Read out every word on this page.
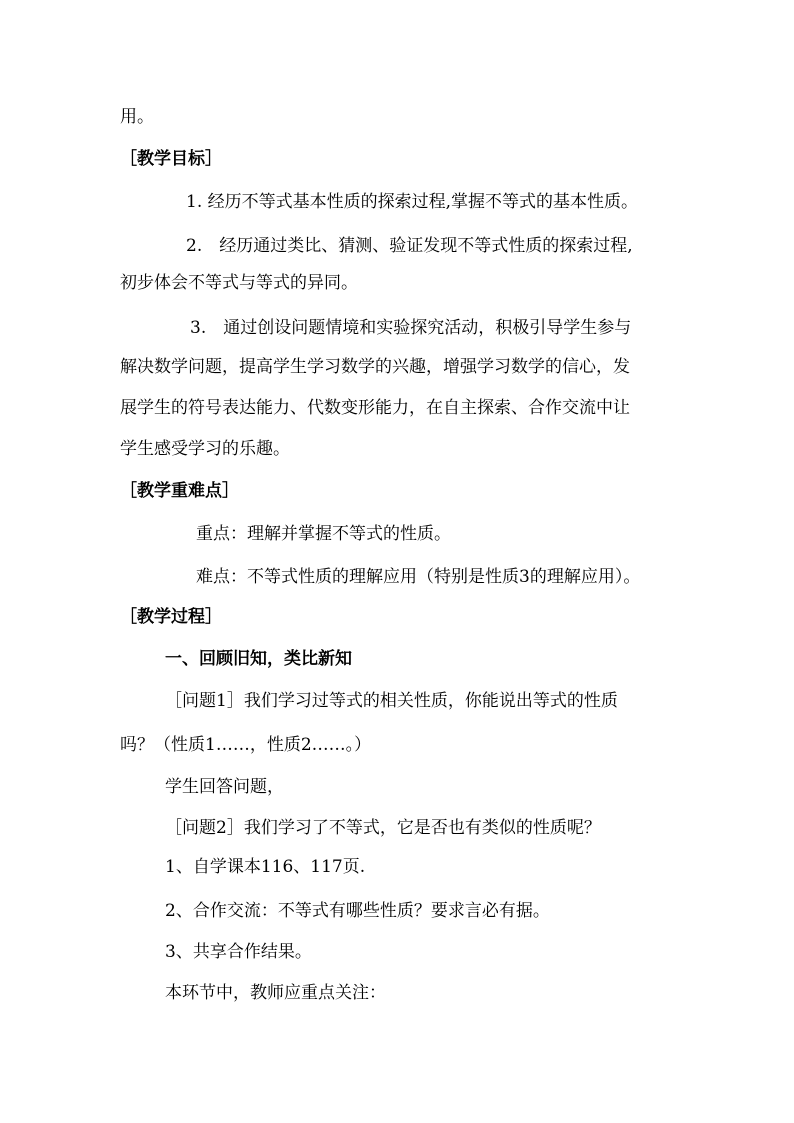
用。
［教学目标］
1. 经历不等式基本性质的探索过程,掌握不等式的基本性质。
2.　经历通过类比、猜测、验证发现不等式性质的探索过程,
初步体会不等式与等式的异同。
3.　通过创设问题情境和实验探究活动，积极引导学生参与
解决数学问题，提高学生学习数学的兴趣，增强学习数学的信心，发
展学生的符号表达能力、代数变形能力，在自主探索、合作交流中让
学生感受学习的乐趣。
［教学重难点］
重点：理解并掌握不等式的性质。
难点：不等式性质的理解应用（特别是性质3的理解应用）。
［教学过程］
一、回顾旧知，类比新知
［问题1］我们学习过等式的相关性质，你能说出等式的性质
吗？（性质1……，性质2……。）
学生回答问题，
［问题2］我们学习了不等式，它是否也有类似的性质呢？
1、自学课本116、117页.
2、合作交流：不等式有哪些性质？要求言必有据。
3、共享合作结果。
本环节中，教师应重点关注：
